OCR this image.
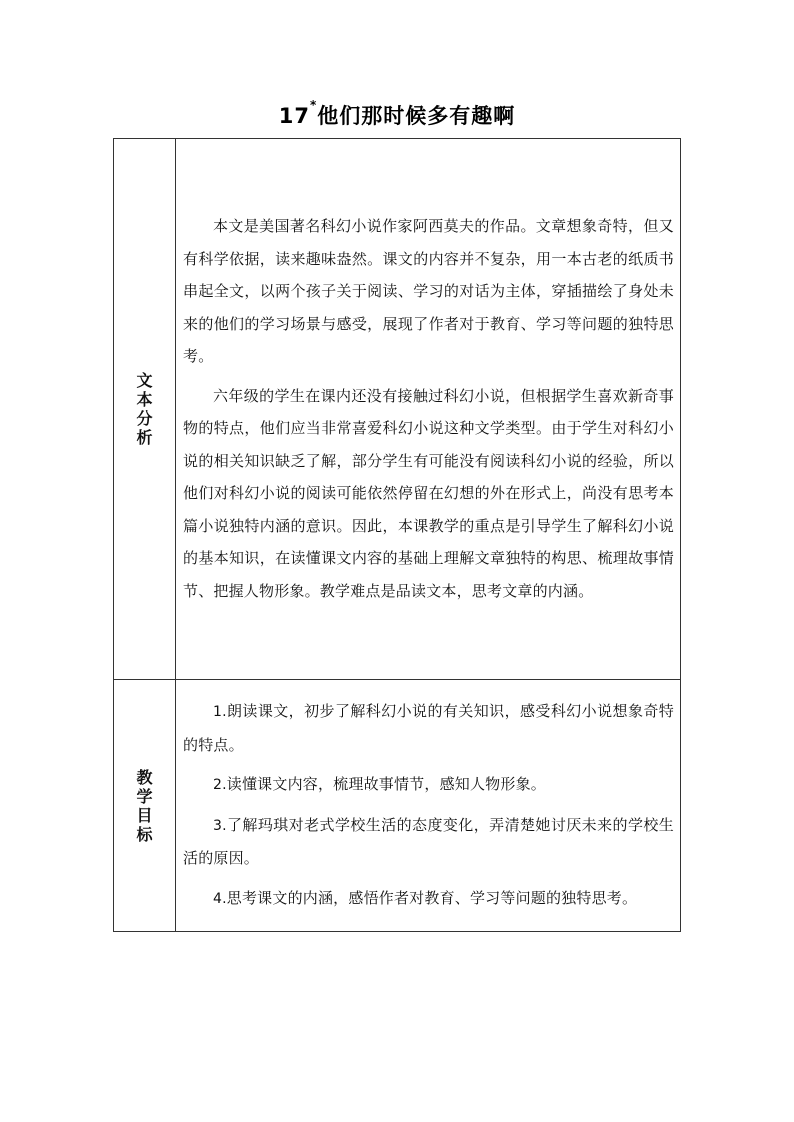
17*他们那时候多有趣啊
文本分析	本文是美国著名科幻小说作家阿西莫夫的作品。文章想象奇特，但又有科学依据，读来趣味盎然。课文的内容并不复杂，用一本古老的纸质书串起全文，以两个孩子关于阅读、学习的对话为主体，穿插描绘了身处未来的他们的学习场景与感受，展现了作者对于教育、学习等问题的独特思考。

六年级的学生在课内还没有接触过科幻小说，但根据学生喜欢新奇事物的特点，他们应当非常喜爱科幻小说这种文学类型。由于学生对科幻小说的相关知识缺乏了解，部分学生有可能没有阅读科幻小说的经验，所以他们对科幻小说的阅读可能依然停留在幻想的外在形式上，尚没有思考本篇小说独特内涵的意识。因此，本课教学的重点是引导学生了解科幻小说的基本知识，在读懂课文内容的基础上理解文章独特的构思、梳理故事情节、把握人物形象。教学难点是品读文本，思考文章的内涵。

教学目标	1.朗读课文，初步了解科幻小说的有关知识，感受科幻小说想象奇特的特点。

2.读懂课文内容，梳理故事情节，感知人物形象。

3.了解玛琪对老式学校生活的态度变化，弄清楚她讨厌未来的学校生活的原因。

4.思考课文的内涵，感悟作者对教育、学习等问题的独特思考。
